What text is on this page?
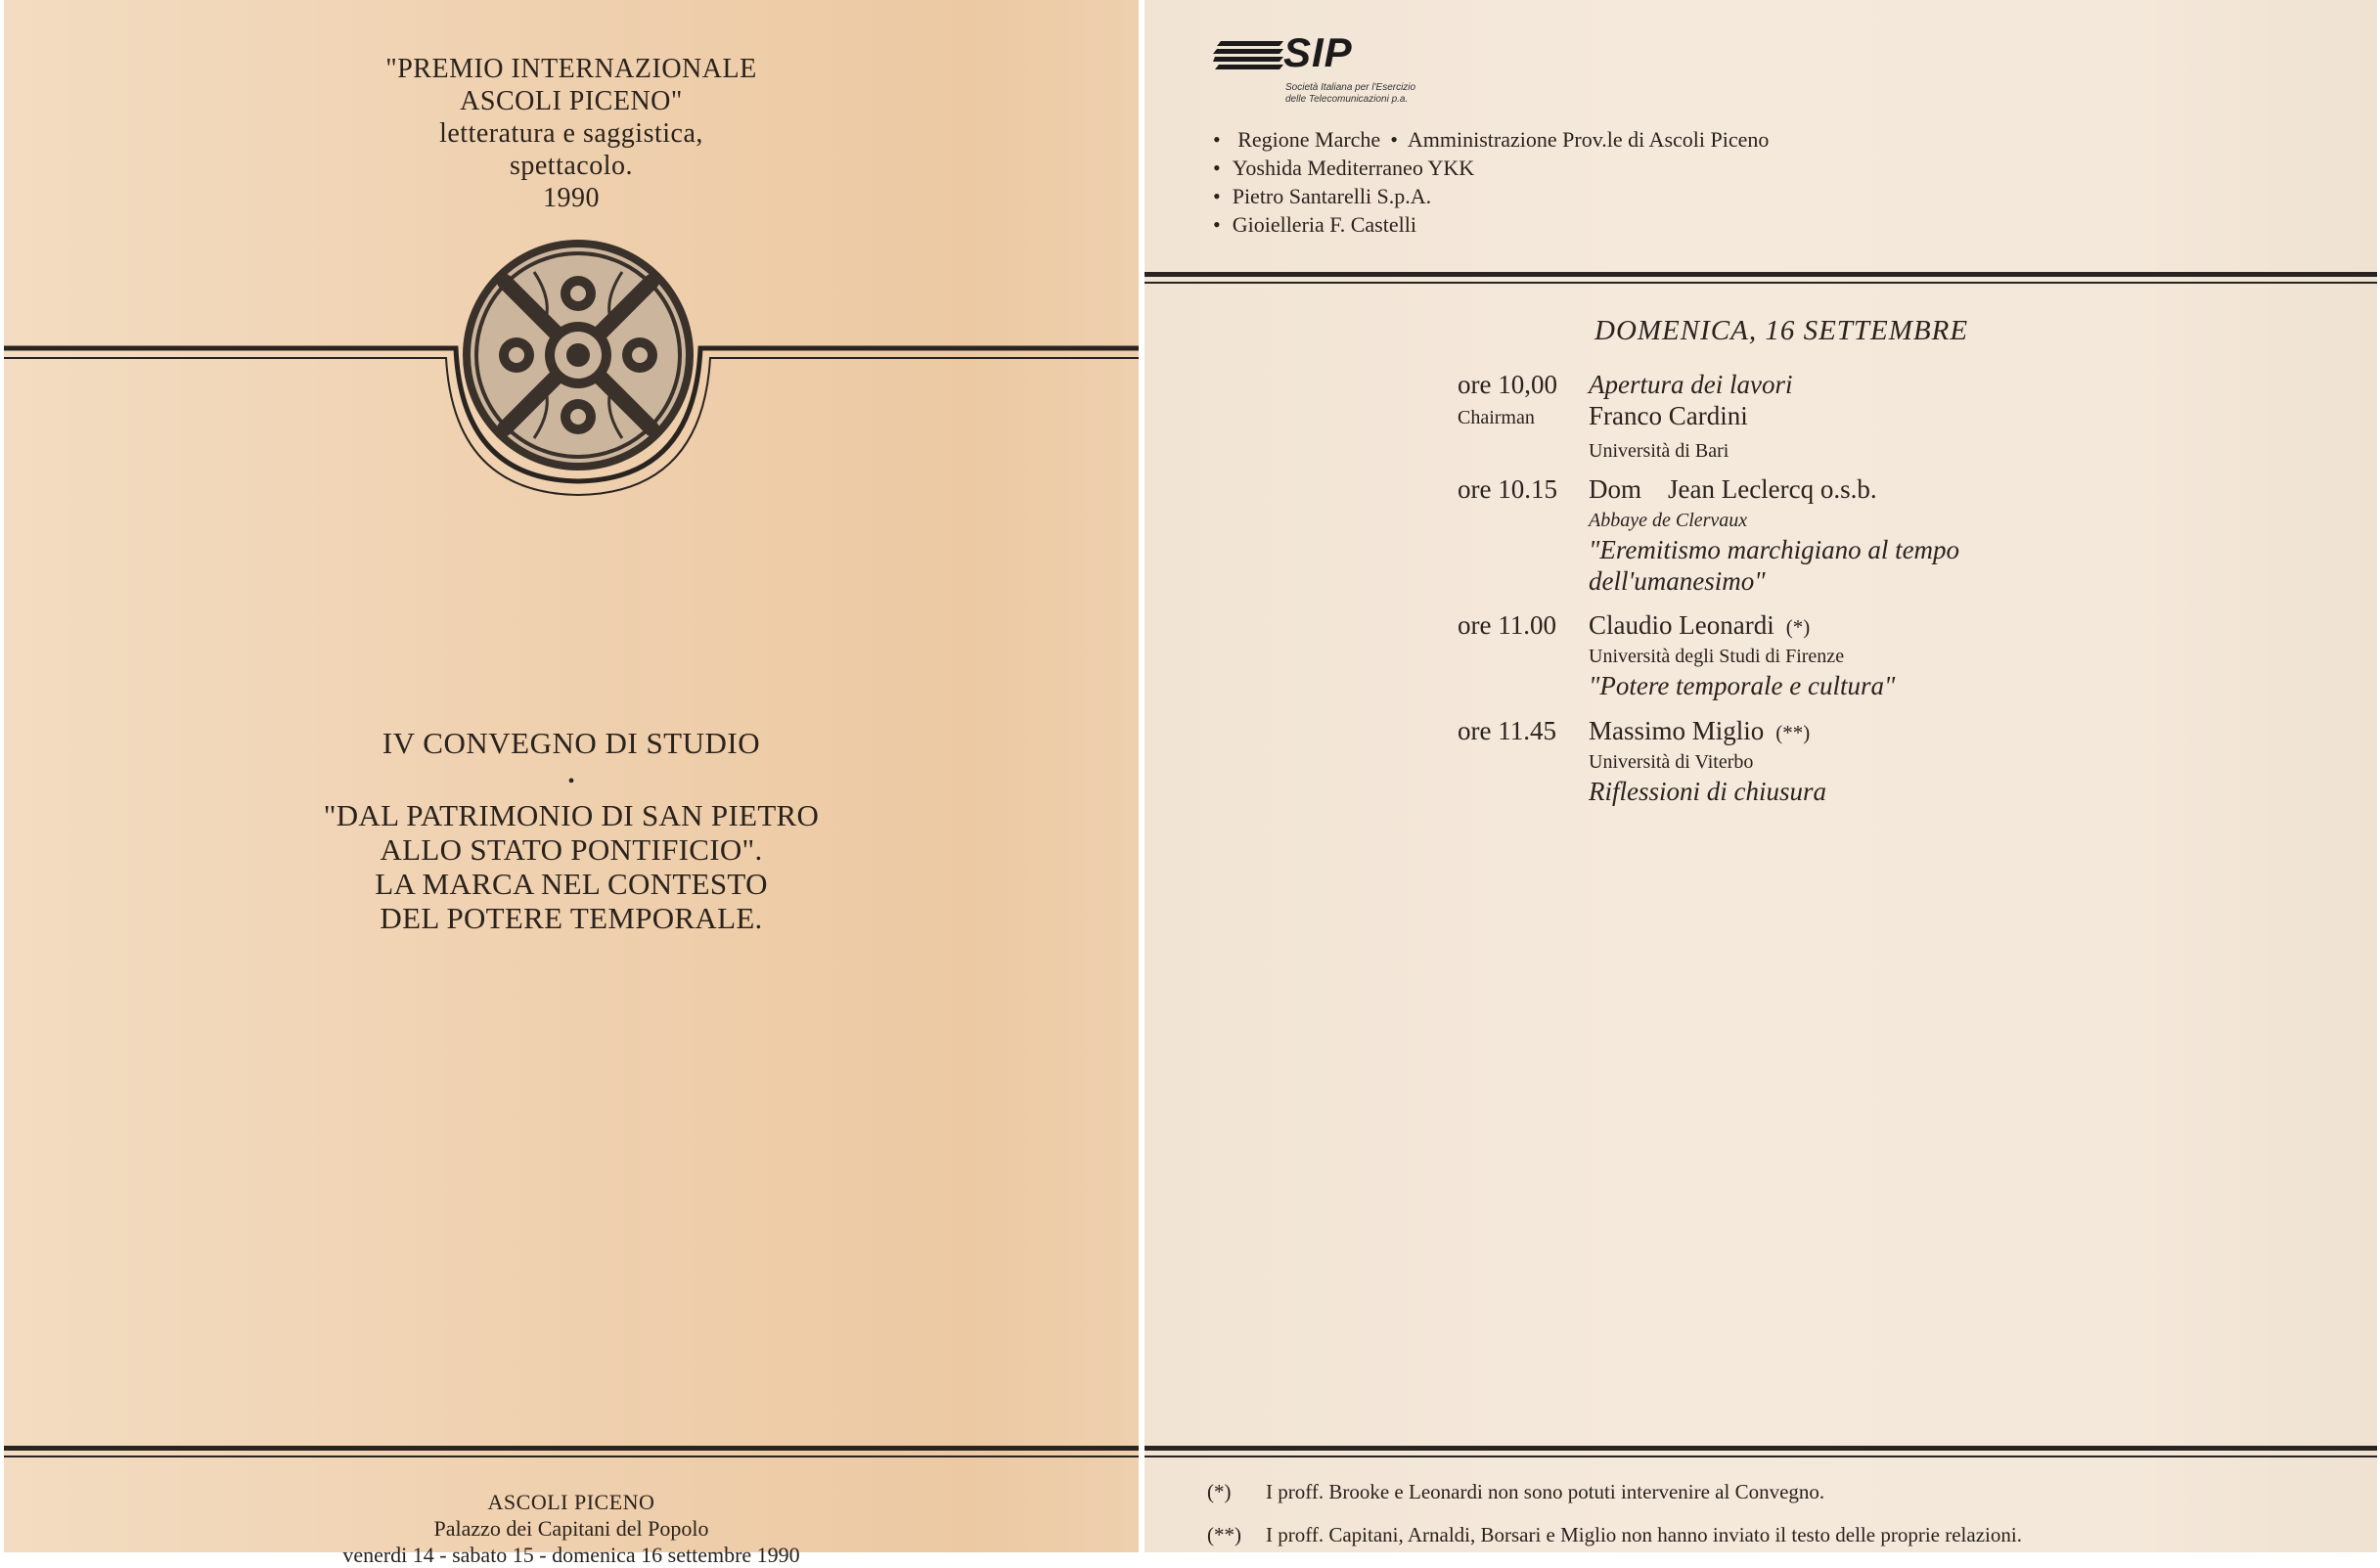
"PREMIO INTERNAZIONALE
ASCOLI PICENO"
letteratura e saggistica,
spettacolo.
1990
IV CONVEGNO DI STUDIO
•
"DAL PATRIMONIO DI SAN PIETRO
ALLO STATO PONTIFICIO".
LA MARCA NEL CONTESTO
DEL POTERE TEMPORALE.
ASCOLI PICENO
Palazzo dei Capitani del Popolo
venerdi 14 - sabato 15 - domenica 16 settembre 1990
SIP
Società Italiana per l'Esercizio
delle Telecomunicazioni p.a.
• Regione Marche • Amministrazione Prov.le di Ascoli Piceno
• Yoshida Mediterraneo YKK
• Pietro Santarelli S.p.A.
• Gioielleria F. Castelli
DOMENICA, 16 SETTEMBRE
ore 10,00 Apertura dei lavori
Chairman Franco Cardini
Università di Bari
ore 10.15 Dom    Jean Leclercq o.s.b.
Abbaye de Clervaux
"Eremitismo marchigiano al tempo
dell'umanesimo"
ore 11.00 Claudio Leonardi (*)
Università degli Studi di Firenze
"Potere temporale e cultura"
ore 11.45 Massimo Miglio (**)
Università di Viterbo
Riflessioni di chiusura
(*) I proff. Brooke e Leonardi non sono potuti intervenire al Convegno.
(**) I proff. Capitani, Arnaldi, Borsari e Miglio non hanno inviato il testo delle proprie relazioni.
